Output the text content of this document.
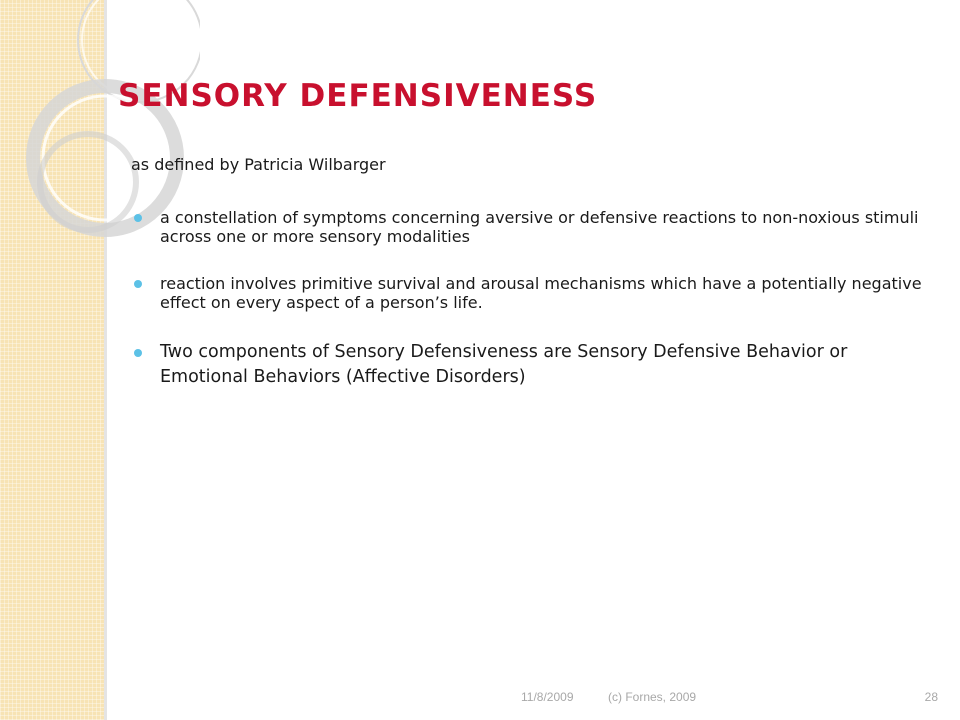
SENSORY DEFENSIVENESS
as defined by Patricia Wilbarger
a constellation of symptoms concerning aversive or defensive reactions to non-noxious stimuli across one or more sensory modalities
reaction involves primitive survival and arousal mechanisms which have a potentially negative effect on every aspect of a person’s life.
Two components of Sensory Defensiveness are Sensory Defensive Behavior or Emotional Behaviors (Affective Disorders)
11/8/2009	(c) Fornes, 2009	28
